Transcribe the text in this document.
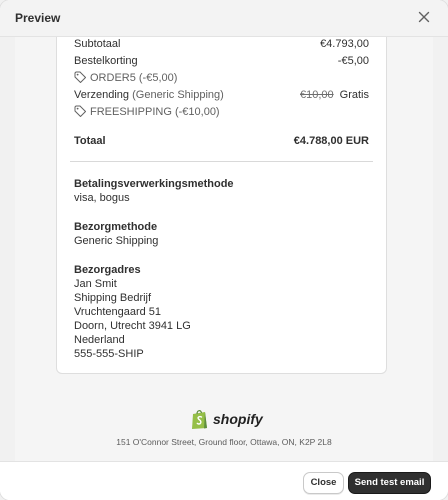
Preview
Subtotaal	€4.793,00
Bestelkorting	-€5,00
ORDER5 (-€5,00)
Verzending (Generic Shipping)	€10,00 Gratis
FREESHIPPING (-€10,00)
Totaal	€4.788,00 EUR
Betalingsverwerkingsmethode
visa, bogus
Bezorgmethode
Generic Shipping
Bezorgadres
Jan Smit
Shipping Bedrijf
Vruchtengaard 51
Doorn, Utrecht 3941 LG
Nederland
555-555-SHIP
shopify
151 O'Connor Street, Ground floor, Ottawa, ON, K2P 2L8
Close	Send test email
